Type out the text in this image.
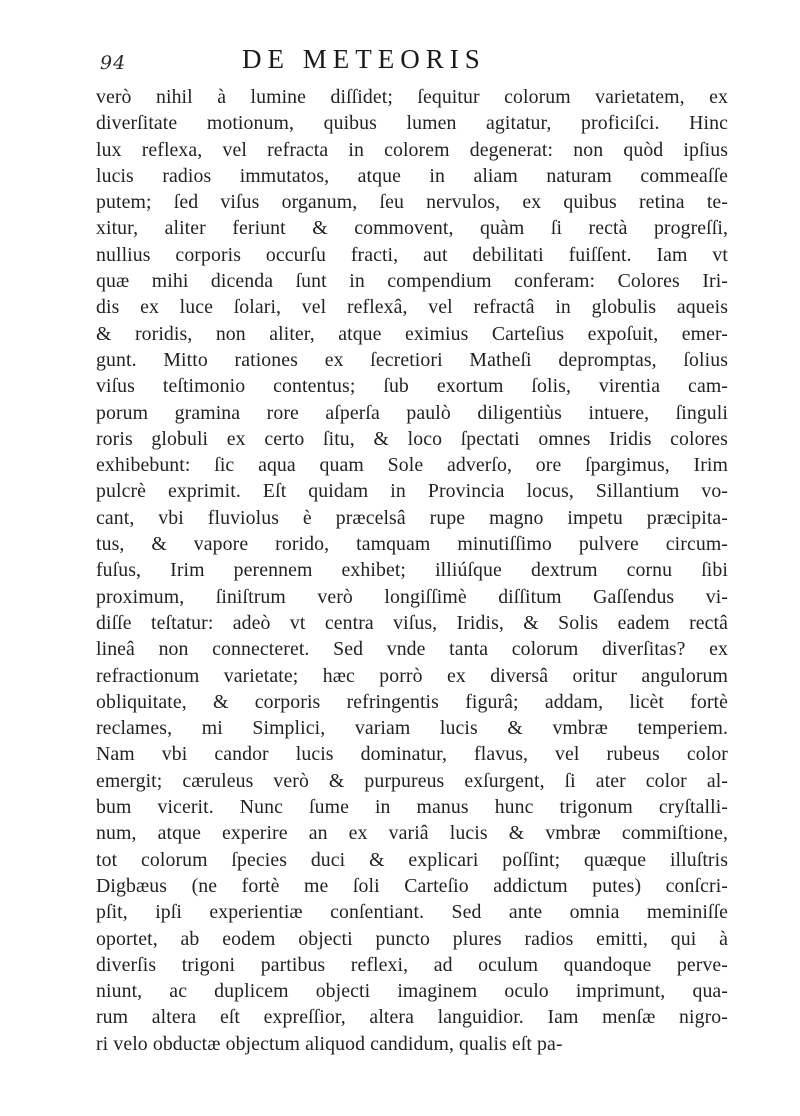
94	DE METEORIS
verò nihil à lumine diſſidet; ſequitur colorum varietatem, ex
diverſitate motionum, quibus lumen agitatur, proficiſci. Hinc
lux reflexa, vel refracta in colorem degenerat: non quòd ipſius
lucis radios immutatos, atque in aliam naturam commeaſſe
putem; ſed viſus organum, ſeu nervulos, ex quibus retina te-
xitur, aliter feriunt & commovent, quàm ſi rectà progreſſi,
nullius corporis occurſu fracti, aut debilitati fuiſſent. Iam vt
quæ mihi dicenda ſunt in compendium conferam: Colores Iri-
dis ex luce ſolari, vel reflexâ, vel refractâ in globulis aqueis
& roridis, non aliter, atque eximius Carteſius expoſuit, emer-
gunt. Mitto rationes ex ſecretiori Matheſi depromptas, ſolius
viſus teſtimonio contentus; ſub exortum ſolis, virentia cam-
porum gramina rore aſperſa paulò diligentiùs intuere, ſinguli
roris globuli ex certo ſitu, & loco ſpectati omnes Iridis colores
exhibebunt: ſic aqua quam Sole adverſo, ore ſpargimus, Irim
pulcrè exprimit. Eſt quidam in Provincia locus, Sillantium vo-
cant, vbi fluviolus è præcelsâ rupe magno impetu præcipita-
tus, & vapore rorido, tamquam minutiſſimo pulvere circum-
fuſus, Irim perennem exhibet; illiúſque dextrum cornu ſibi
proximum, ſiniſtrum verò longiſſimè diſſitum Gaſſendus vi-
diſſe teſtatur: adeò vt centra viſus, Iridis, & Solis eadem rectâ
lineâ non connecteret. Sed vnde tanta colorum diverſitas? ex
refractionum varietate; hæc porrò ex diversâ oritur angulorum
obliquitate, & corporis refringentis figurâ; addam, licèt fortè
reclames, mi Simplici, variam lucis & vmbræ temperiem.
Nam vbi candor lucis dominatur, flavus, vel rubeus color
emergit; cæruleus verò & purpureus exſurgent, ſi ater color al-
bum vicerit. Nunc ſume in manus hunc trigonum cryſtalli-
num, atque experire an ex variâ lucis & vmbræ commiſtione,
tot colorum ſpecies duci & explicari poſſint; quæque illuſtris
Digbæus (ne fortè me ſoli Carteſio addictum putes) conſcri-
pſit, ipſi experientiæ conſentiant. Sed ante omnia meminiſſe
oportet, ab eodem objecti puncto plures radios emitti, qui à
diverſis trigoni partibus reflexi, ad oculum quandoque perve-
niunt, ac duplicem objecti imaginem oculo imprimunt, qua-
rum altera eſt expreſſior, altera languidior. Iam menſæ nigro-
ri velo obductæ objectum aliquod candidum, qualis eſt pa-
